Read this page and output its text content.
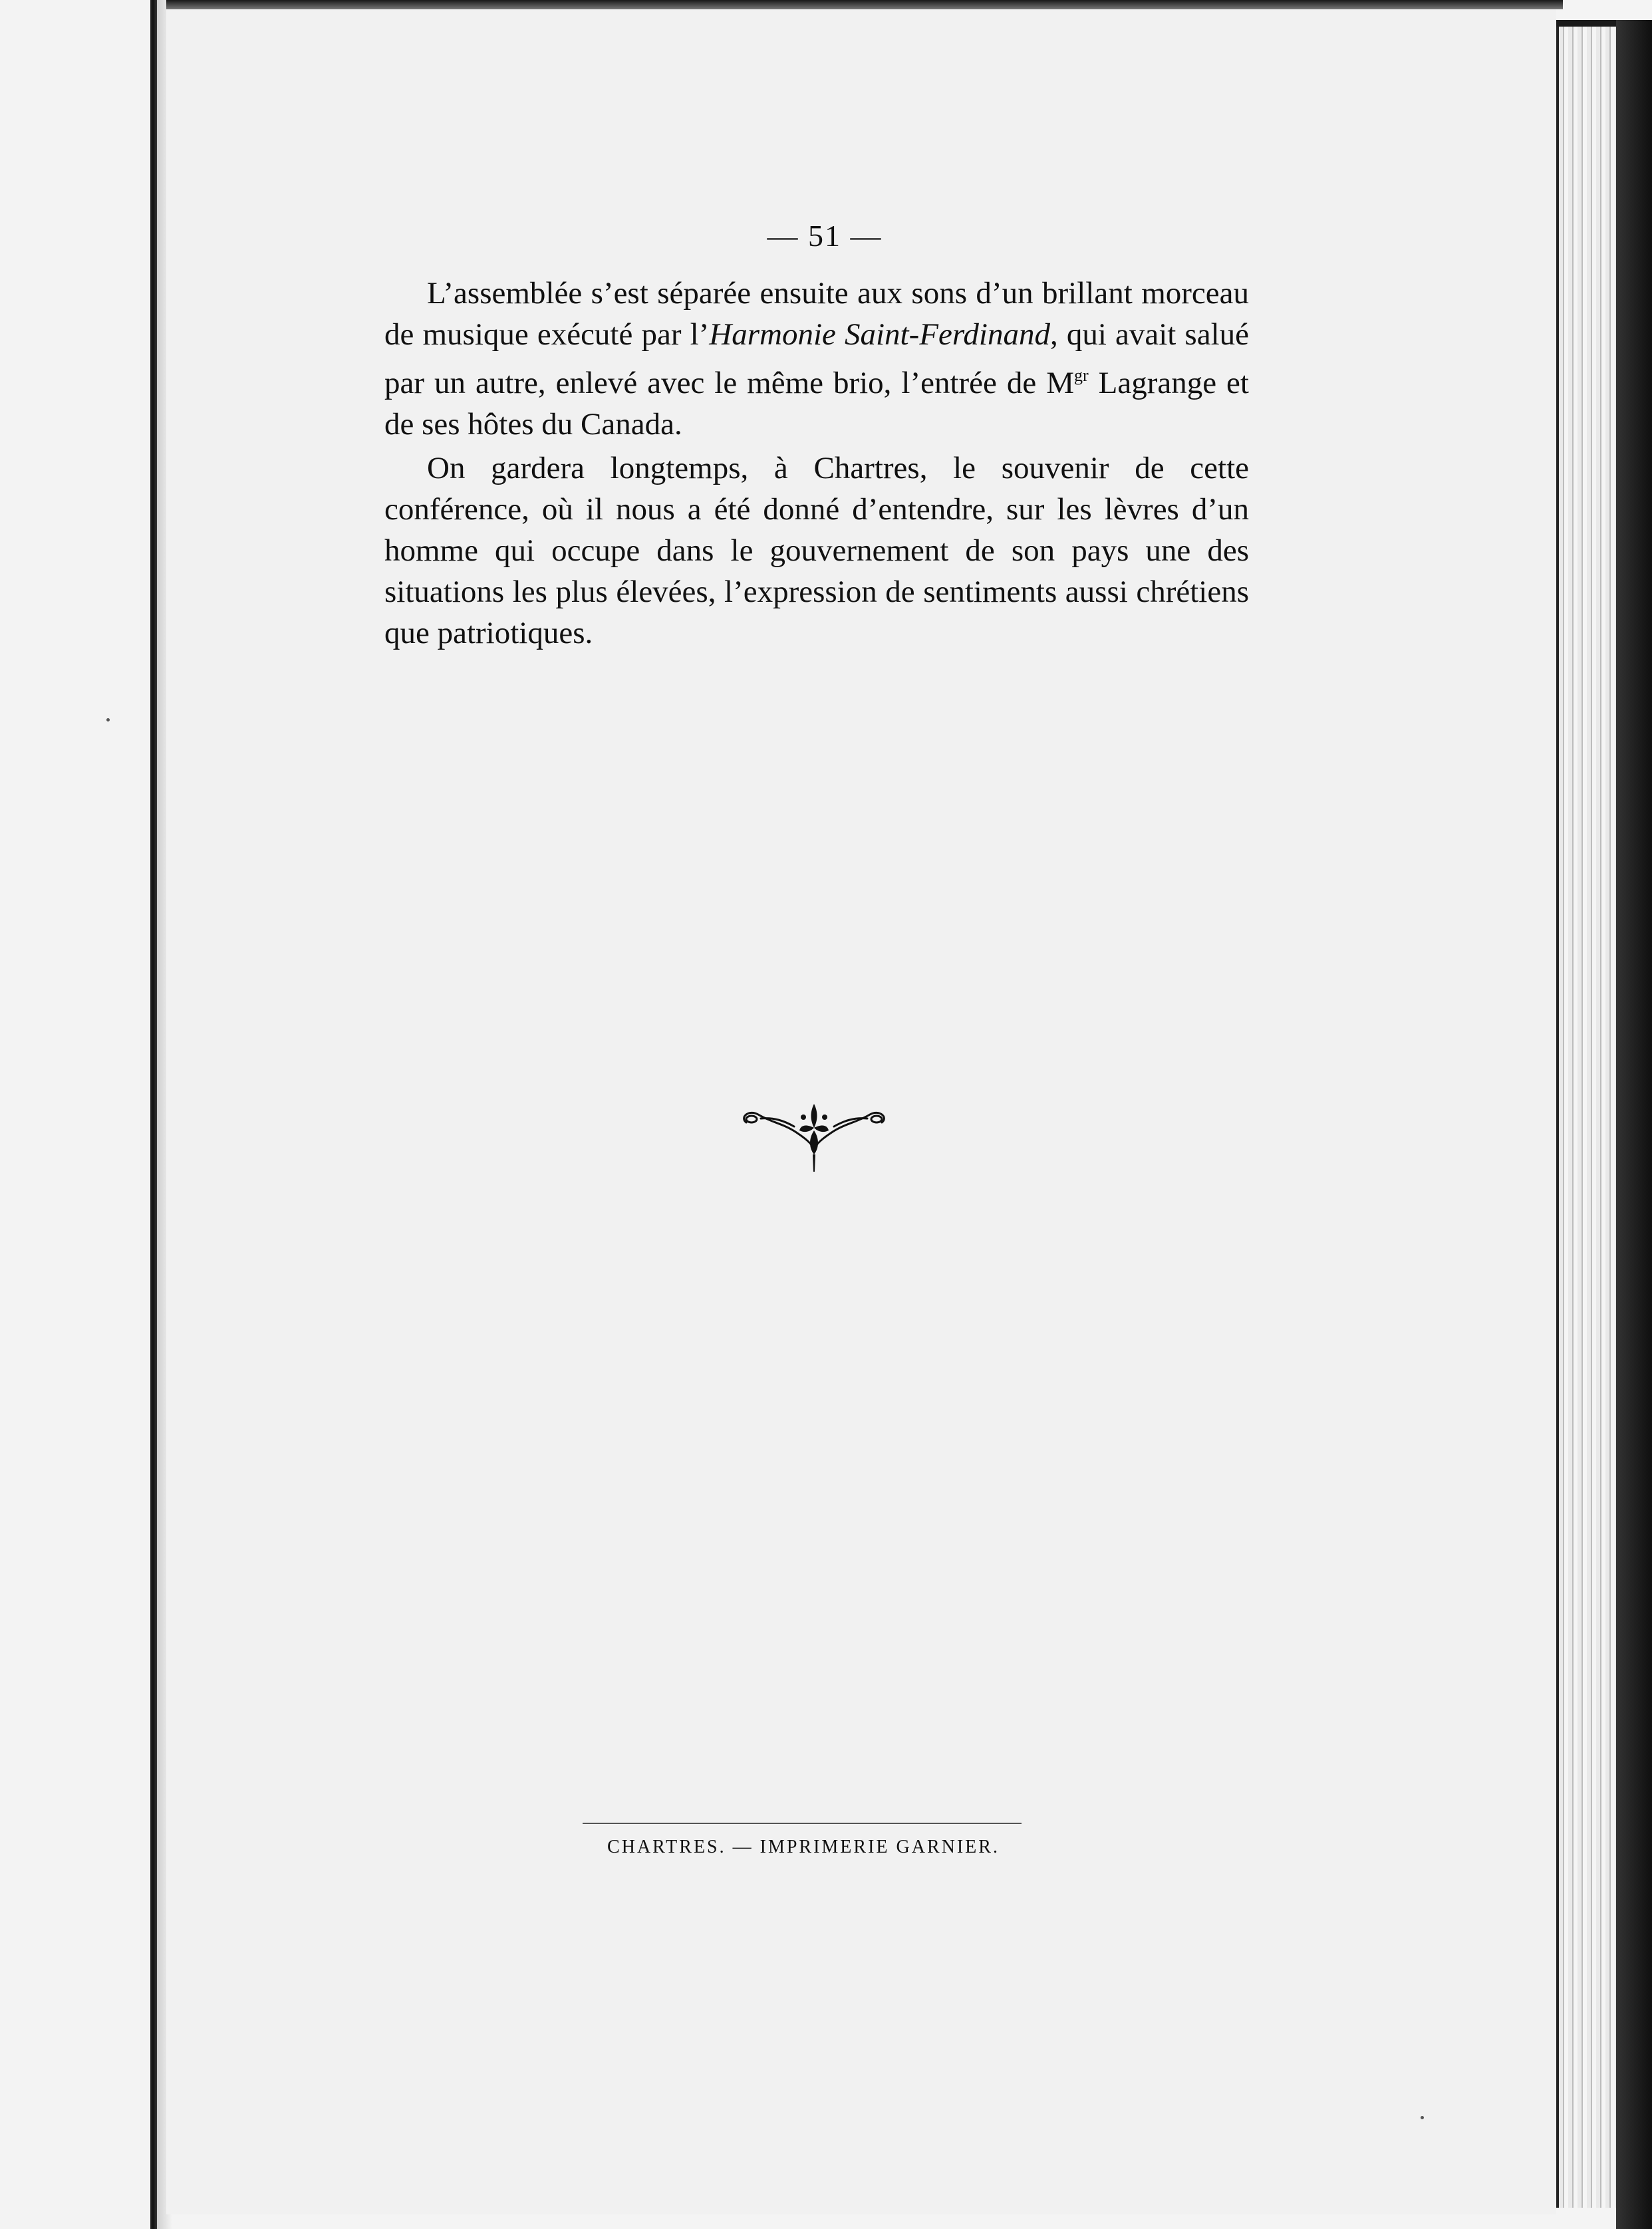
— 51 —

L’assemblée s’est séparée ensuite aux sons d’un brillant morceau de musique exécuté par l’Harmonie Saint-Ferdinand, qui avait salué par un autre, enlevé avec le même brio, l’entrée de $M^{gr}$ Lagrange et de ses hôtes du Canada.

On gardera longtemps, à Chartres, le souvenir de cette conférence, où il nous a été donné d’entendre, sur les lèvres d’un homme qui occupe dans le gouvernement de son pays une des situations les plus élevées, l’expression de sentiments aussi chrétiens que patriotiques.

CHARTRES. — IMPRIMERIE GARNIER.
